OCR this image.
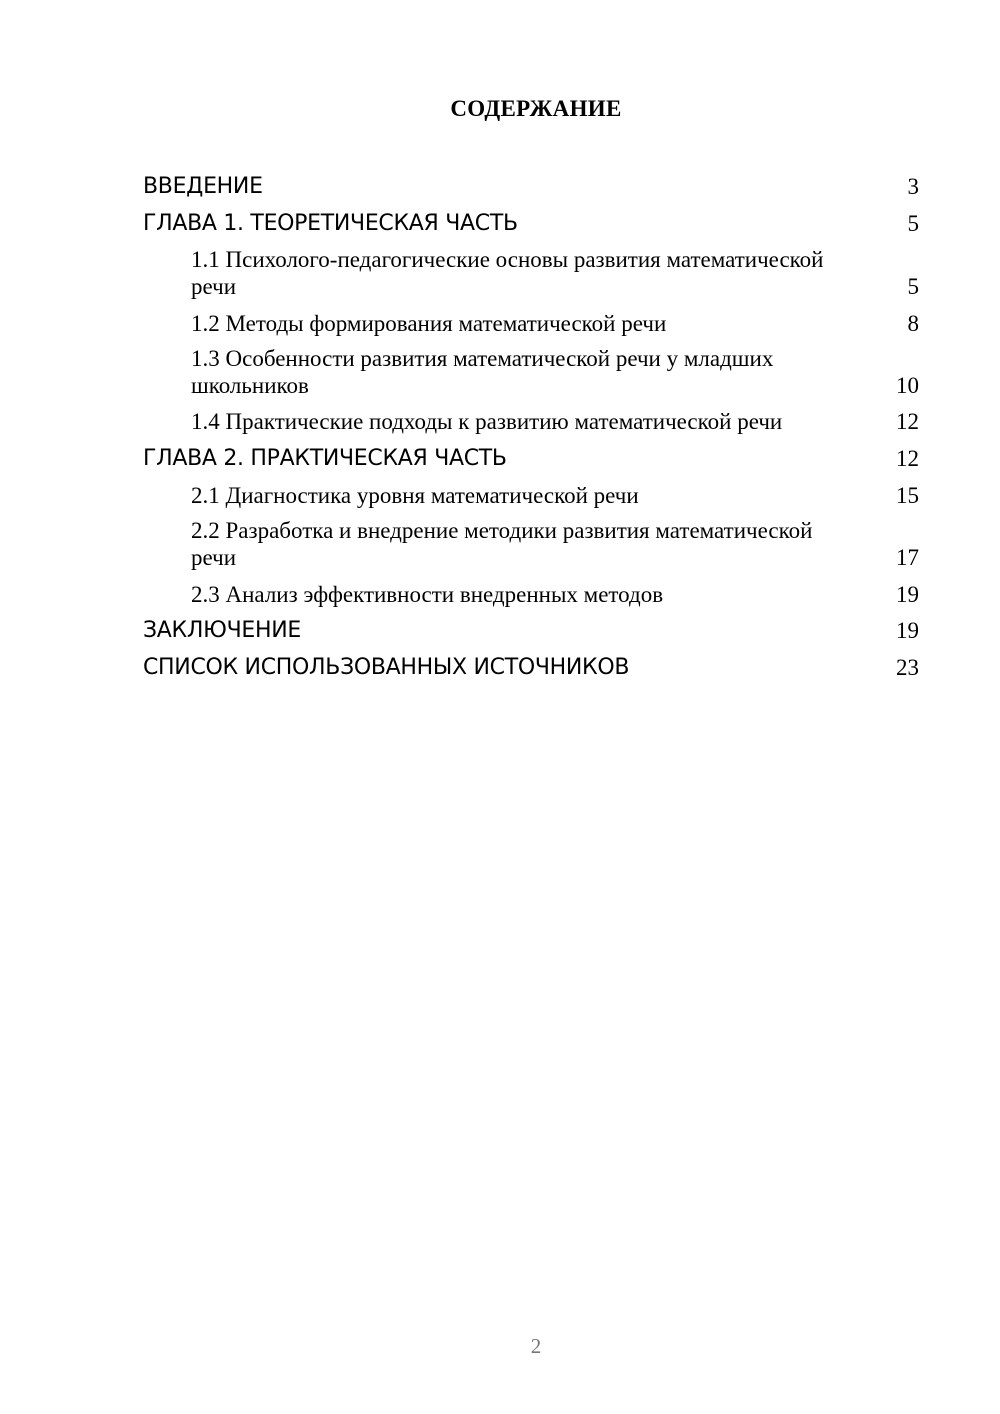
СОДЕРЖАНИЕ
ВВЕДЕНИЕ	3
ГЛАВА 1. ТЕОРЕТИЧЕСКАЯ ЧАСТЬ	5
1.1 Психолого-педагогические основы развития математической речи	5
1.2 Методы формирования математической речи	8
1.3 Особенности развития математической речи у младших школьников	10
1.4 Практические подходы к развитию математической речи	12
ГЛАВА 2. ПРАКТИЧЕСКАЯ ЧАСТЬ	12
2.1 Диагностика уровня математической речи	15
2.2 Разработка и внедрение методики развития математической речи	17
2.3 Анализ эффективности внедренных методов	19
ЗАКЛЮЧЕНИЕ	19
СПИСОК ИСПОЛЬЗОВАННЫХ ИСТОЧНИКОВ	23
2
